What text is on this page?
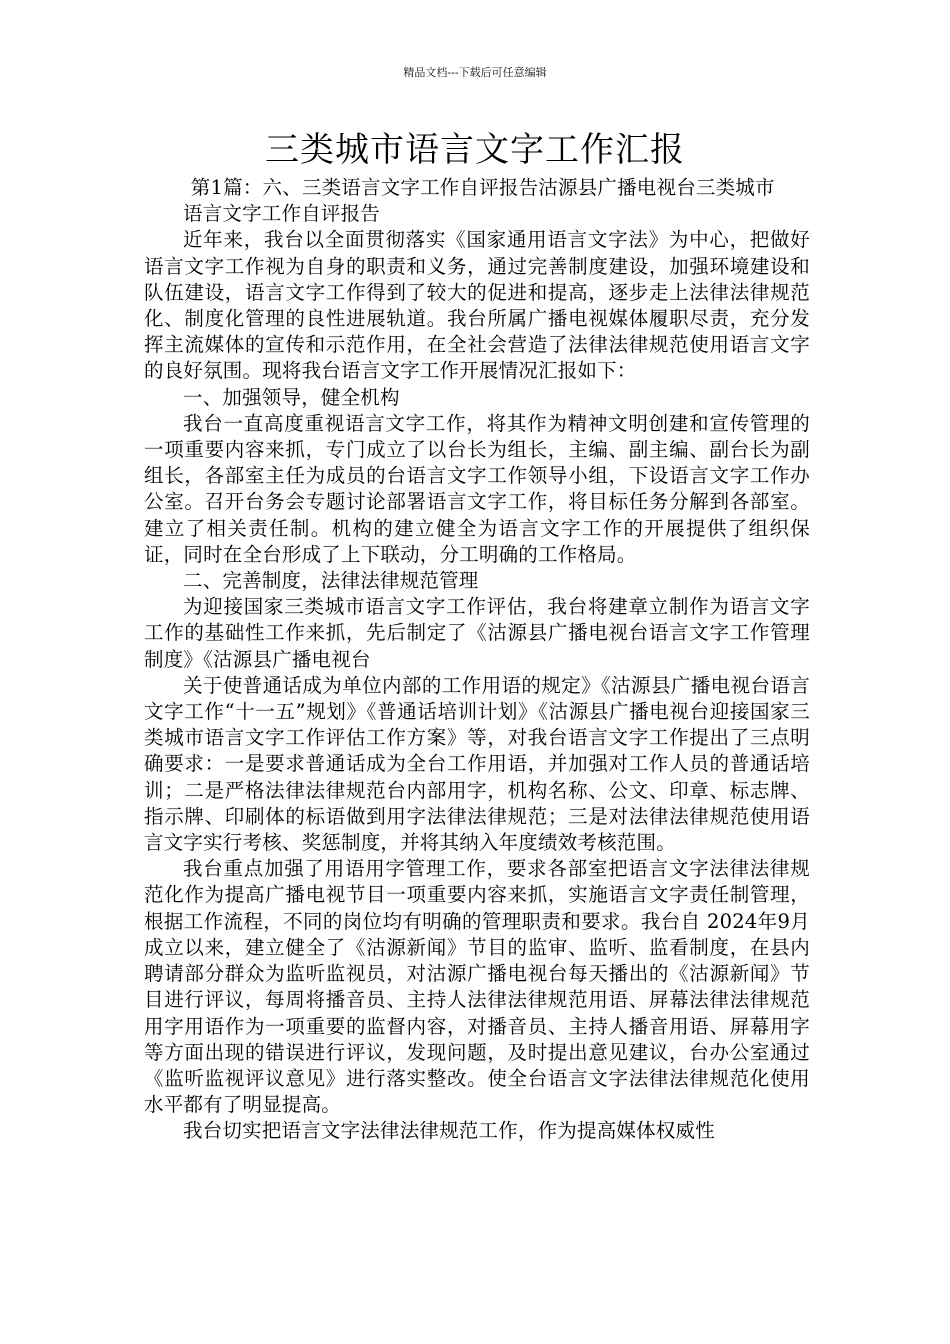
精品文档---下载后可任意编辑
三类城市语言文字工作汇报

第1篇：六、三类语言文字工作自评报告沽源县广播电视台三类城市

语言文字工作自评报告

近年来，我台以全面贯彻落实《国家通用语言文字法》为中心，把做好语言文字工作视为自身的职责和义务，通过完善制度建设，加强环境建设和队伍建设，语言文字工作得到了较大的促进和提高，逐步走上法律法律规范化、制度化管理的良性进展轨道。我台所属广播电视媒体履职尽责，充分发挥主流媒体的宣传和示范作用，在全社会营造了法律法律规范使用语言文字的良好氛围。现将我台语言文字工作开展情况汇报如下：

一、加强领导，健全机构

我台一直高度重视语言文字工作，将其作为精神文明创建和宣传管理的一项重要内容来抓，专门成立了以台长为组长，主编、副主编、副台长为副组长，各部室主任为成员的台语言文字工作领导小组，下设语言文字工作办公室。召开台务会专题讨论部署语言文字工作，将目标任务分解到各部室。建立了相关责任制。机构的建立健全为语言文字工作的开展提供了组织保证，同时在全台形成了上下联动，分工明确的工作格局。

二、完善制度，法律法律规范管理

为迎接国家三类城市语言文字工作评估，我台将建章立制作为语言文字工作的基础性工作来抓，先后制定了《沽源县广播电视台语言文字工作管理制度》《沽源县广播电视台

关于使普通话成为单位内部的工作用语的规定》《沽源县广播电视台语言文字工作“十一五”规划》《普通话培训计划》《沽源县广播电视台迎接国家三类城市语言文字工作评估工作方案》等，对我台语言文字工作提出了三点明确要求：一是要求普通话成为全台工作用语，并加强对工作人员的普通话培训；二是严格法律法律规范台内部用字，机构名称、公文、印章、标志牌、指示牌、印刷体的标语做到用字法律法律规范；三是对法律法律规范使用语言文字实行考核、奖惩制度，并将其纳入年度绩效考核范围。

我台重点加强了用语用字管理工作，要求各部室把语言文字法律法律规范化作为提高广播电视节目一项重要内容来抓，实施语言文字责任制管理，根据工作流程，不同的岗位均有明确的管理职责和要求。我台自 2024年9月成立以来，建立健全了《沽源新闻》节目的监审、监听、监看制度，在县内聘请部分群众为监听监视员，对沽源广播电视台每天播出的《沽源新闻》节目进行评议，每周将播音员、主持人法律法律规范用语、屏幕法律法律规范用字用语作为一项重要的监督内容，对播音员、主持人播音用语、屏幕用字等方面出现的错误进行评议，发现问题，及时提出意见建议，台办公室通过《监听监视评议意见》进行落实整改。使全台语言文字法律法律规范化使用水平都有了明显提高。

我台切实把语言文字法律法律规范工作，作为提高媒体权威性
